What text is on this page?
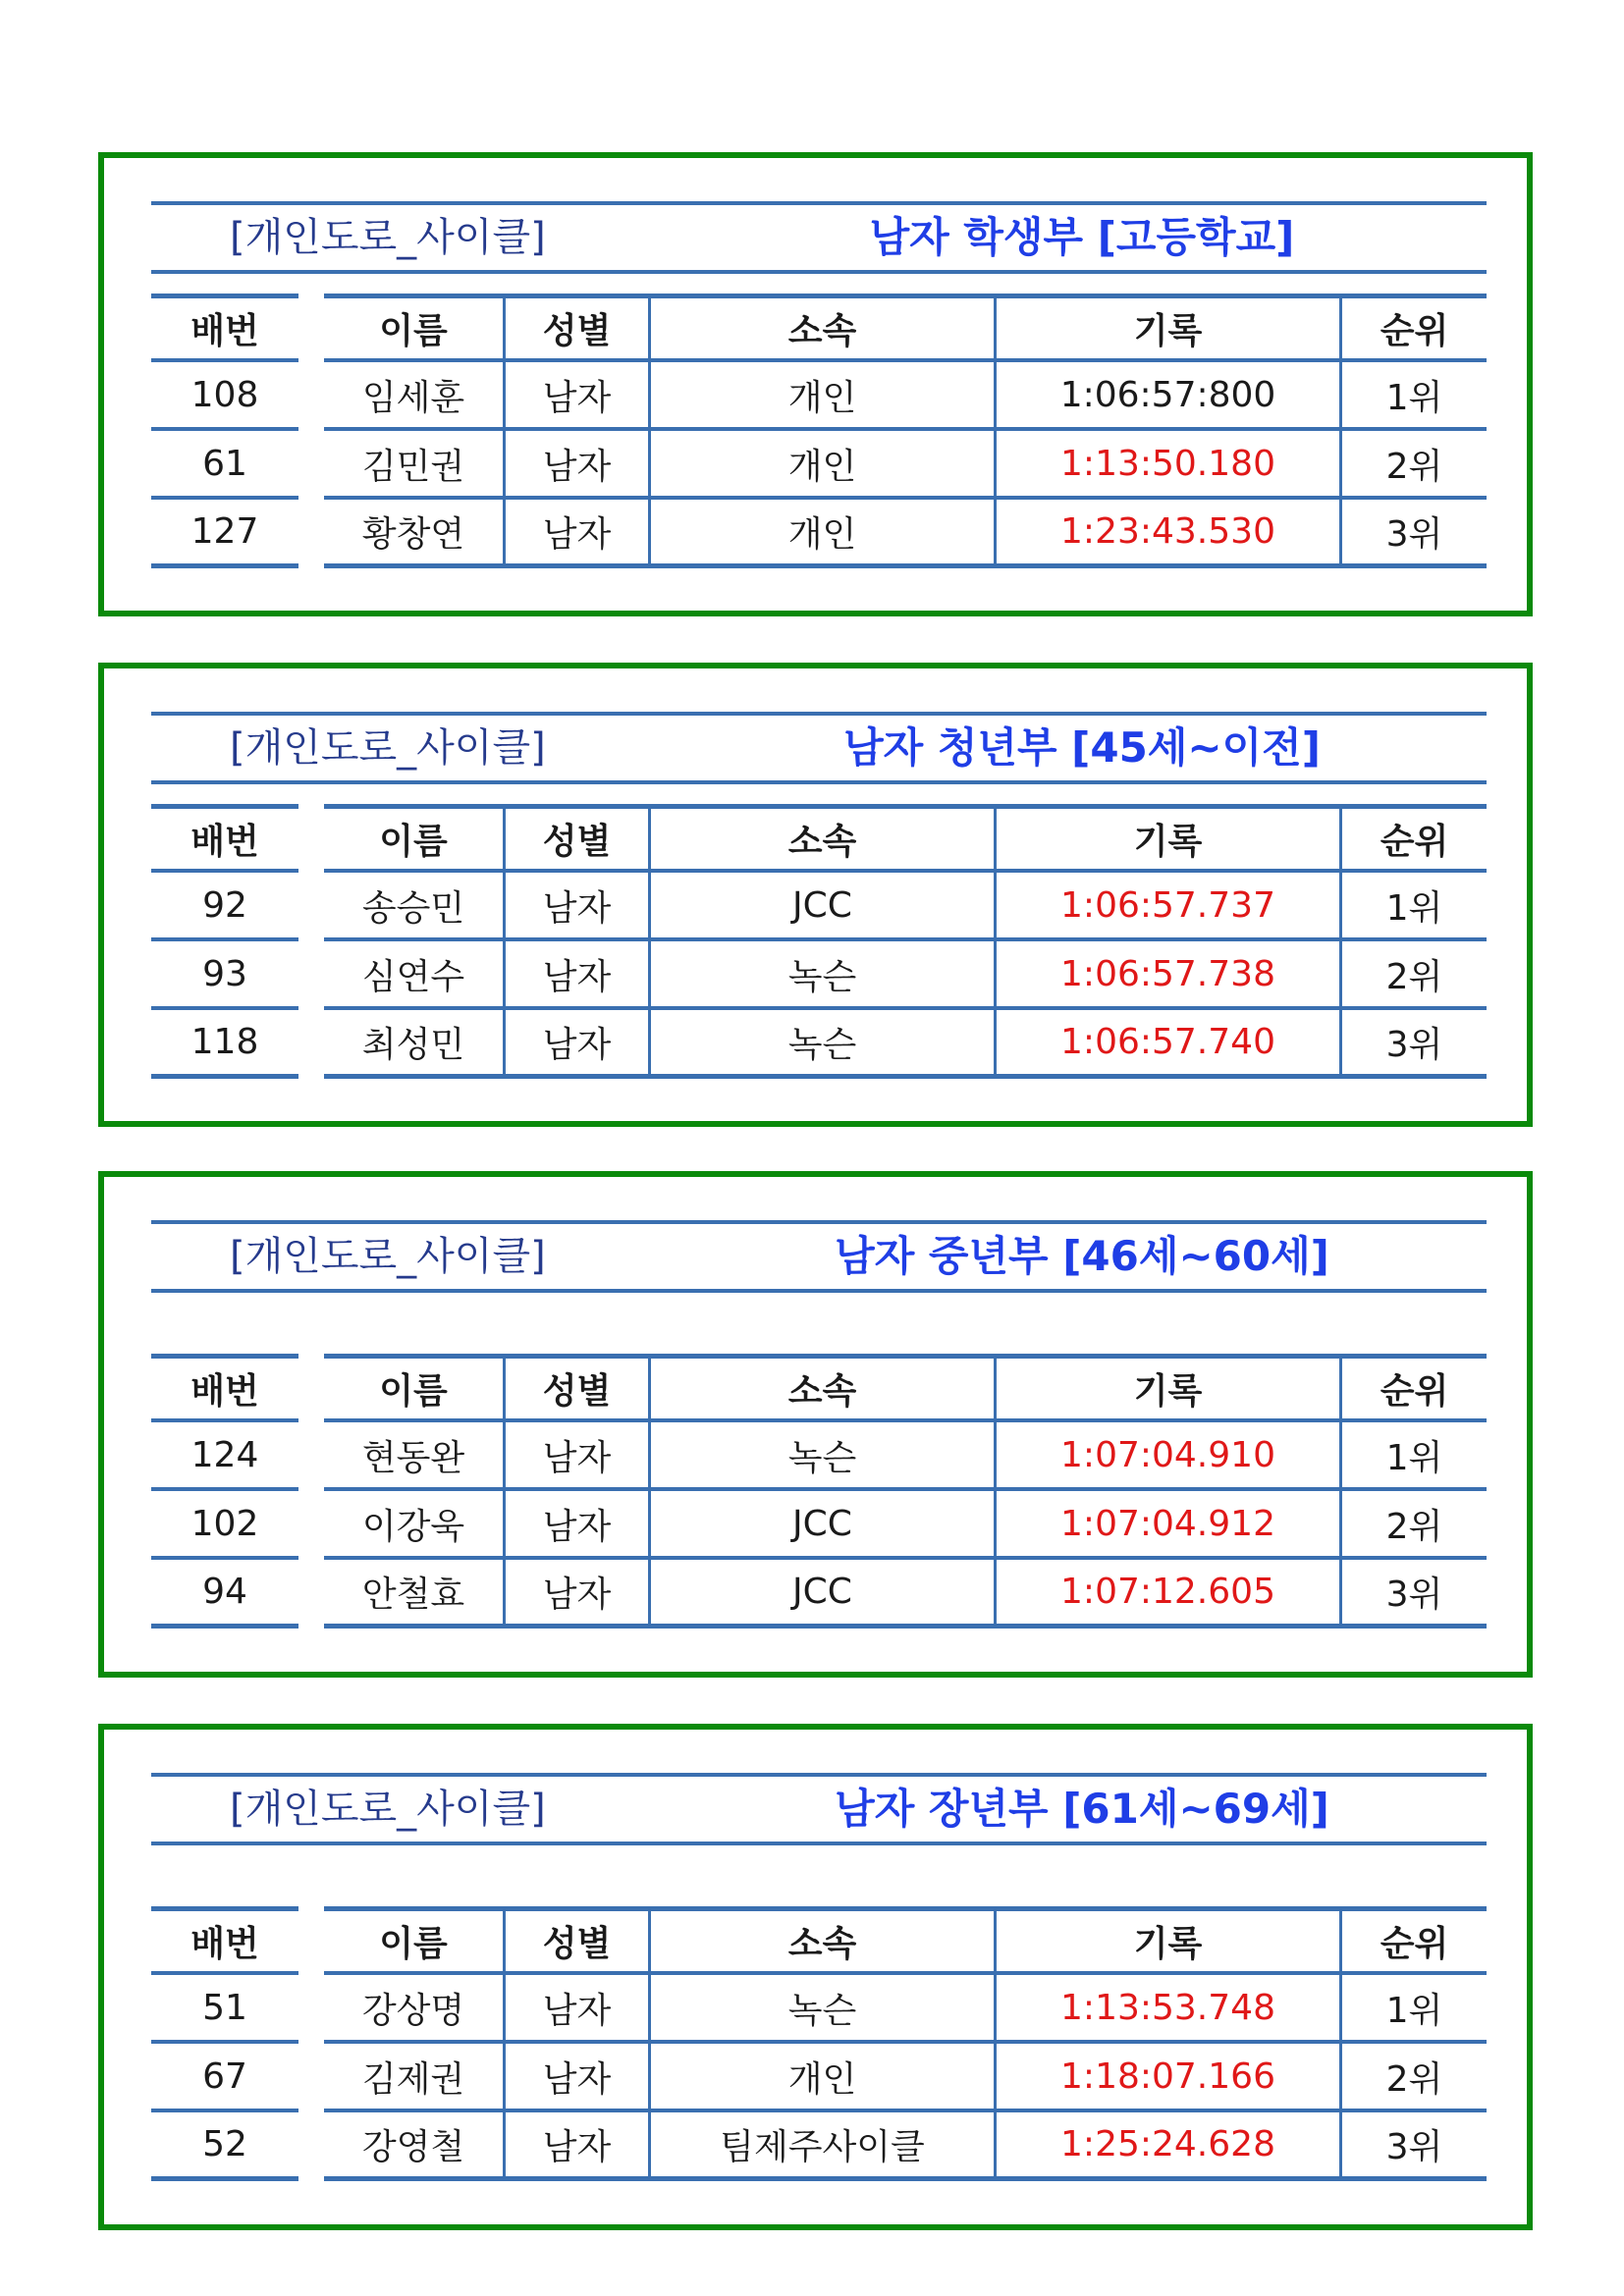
[개인도로_사이클]	남자 학생부 [고등학교]
배번		이름	성별	소속	기록	순위
108		임세훈	남자	개인	1:06:57:800	1위
61		김민권	남자	개인	1:13:50.180	2위
127		황창연	남자	개인	1:23:43.530	3위
[개인도로_사이클]	남자 청년부 [45세~이전]
배번		이름	성별	소속	기록	순위
92		송승민	남자	JCC	1:06:57.737	1위
93		심연수	남자	녹슨	1:06:57.738	2위
118		최성민	남자	녹슨	1:06:57.740	3위
[개인도로_사이클]	남자 중년부 [46세~60세]
배번		이름	성별	소속	기록	순위
124		현동완	남자	녹슨	1:07:04.910	1위
102		이강욱	남자	JCC	1:07:04.912	2위
94		안철효	남자	JCC	1:07:12.605	3위
[개인도로_사이클]	남자 장년부 [61세~69세]
배번		이름	성별	소속	기록	순위
51		강상명	남자	녹슨	1:13:53.748	1위
67		김제권	남자	개인	1:18:07.166	2위
52		강영철	남자	팀제주사이클	1:25:24.628	3위
